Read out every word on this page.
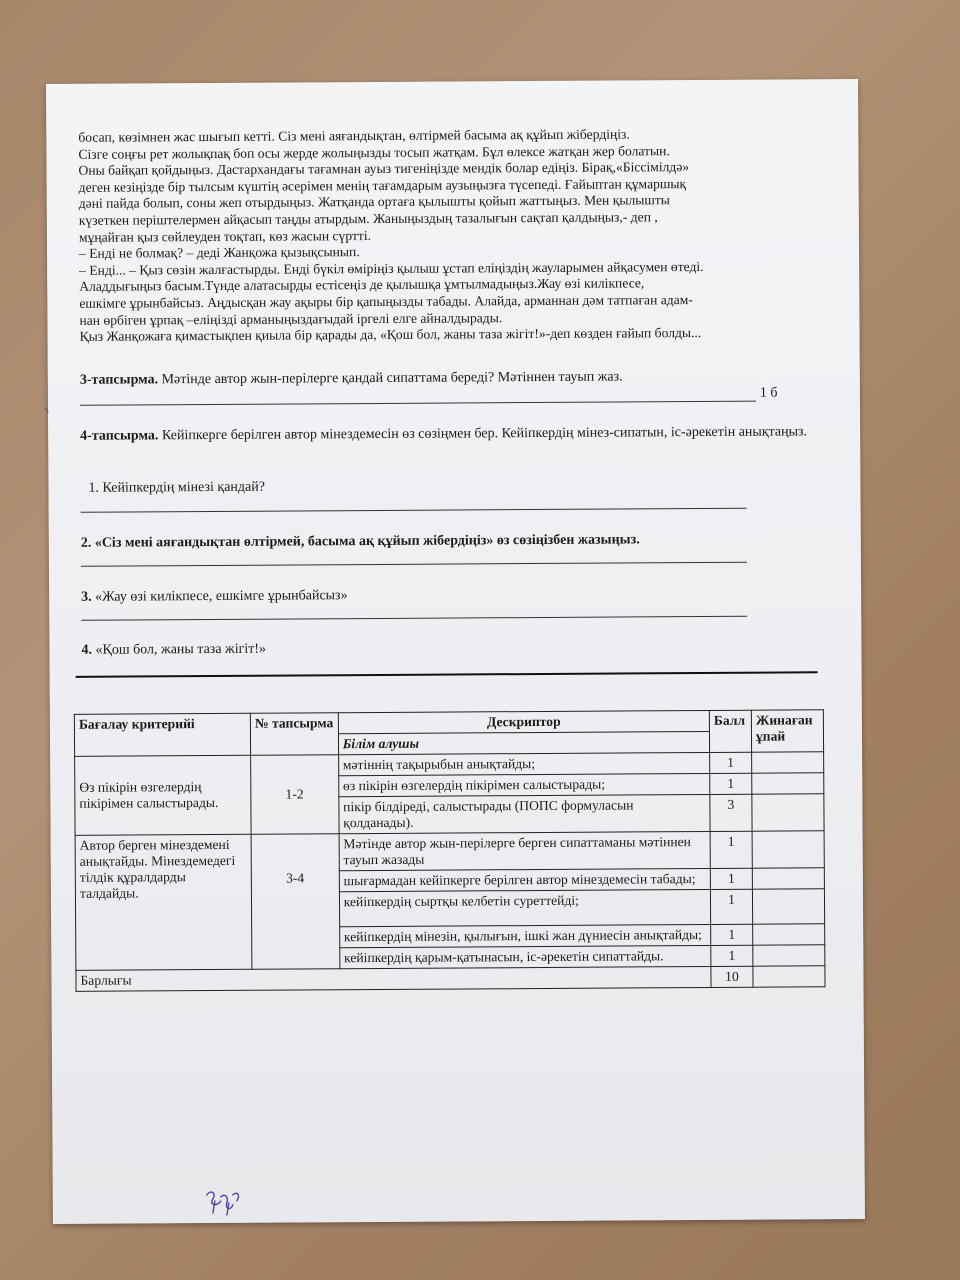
босап, көзімнен жас шығып кетті. Сіз мені аяғандықтан, өлтірмей басыма ақ құйып жібердіңіз.

Сізге соңғы рет жолықпақ боп осы жерде жолыңызды тосып жатқам. Бұл өлексе жатқан жер болатын.

Оны байқап қойдыңыз. Дастархандағы тағамнан ауыз тигеніңізде мендік болар едіңіз. Бірақ,«Біссімілдә»

деген кезіңізде бір тылсым күштің әсерімен менің тағамдарым аузыңызға түсепеді. Ғайыптан құмаршық

дәні пайда болып, соны жеп отырдыңыз. Жатқанда ортаға қылышты қойып жаттыңыз. Мен қылышты

күзеткен періштелермен айқасып таңды атырдым. Жаныңыздың тазалығын сақтап қалдыңыз,- деп ,

мұңайған қыз сөйлеуден тоқтап, көз жасын сүртті.

– Енді не болмақ? – деді Жанқожа қызықсынып.

– Енді... – Қыз сөзін жалғастырды. Енді бүкіл өміріңіз қылыш ұстап еліңіздің жауларымен айқасумен өтеді.

Аладдығыңыз басым.Түнде алатасырды естісеңіз де қылышқа ұмтылмадыңыз.Жау өзі килікпесе,

ешкімге ұрынбайсыз. Аңдысқан жау ақыры бір қапыңызды табады. Алайда, арманнан дәм татпаған адам-

нан өрбіген ұрпақ –еліңізді арманыңыздағыдай іргелі елге айналдырады.

Қыз Жанқожаға қимастықпен қиыла бір қарады да, «Қош бол, жаны таза жігіт!»-деп көзден ғайып болды...

3-тапсырма. Мәтінде автор жын-перілерге қандай сипаттама береді? Мәтіннен тауып жаз.
1 б
4-тапсырма. Кейіпкерге берілген автор мінездемесін өз сөзіңмен бер. Кейіпкердің мінез-сипатын, іс-әрекетін анықтаңыз.
1. Кейіпкердің мінезі қандай?
2. «Сіз мені аяғандықтан өлтірмей, басыма ақ құйып жібердіңіз» өз сөзіңізбен жазыңыз.
3. «Жау өзі килікпесе, ешкімге ұрынбайсыз»
4. «Қош бол, жаны таза жігіт!»
Бағалау критерийі	№ тапсырма	Дескриптор	Балл	Жинаған ұпай
		Білім алушы		
Өз пікірін өзгелердің пікірімен салыстырады.	1-2	мәтіннің тақырыбын анықтайды;	1	
		өз пікірін өзгелердің пікірімен салыстырады;	1	
		пікір білдіреді, салыстырады (ПОПС формуласын қолданады).	3	
Автор берген мінездемені анықтайды. Мінездемедегі тілдік құралдарды талдайды.	3-4	Мәтінде автор жын-перілерге берген сипаттаманы мәтіннен тауып жазады	1	
		шығармадан кейіпкерге берілген автор мінездемесін табады;	1	
		кейіпкердің сыртқы келбетін суреттейді;	1	
		кейіпкердің мінезін, қылығын, ішкі жан дүниесін анықтайды;	1	
		кейіпкердің қарым-қатынасын, іс-әрекетін сипаттайды.	1	
Барлығы			10	
